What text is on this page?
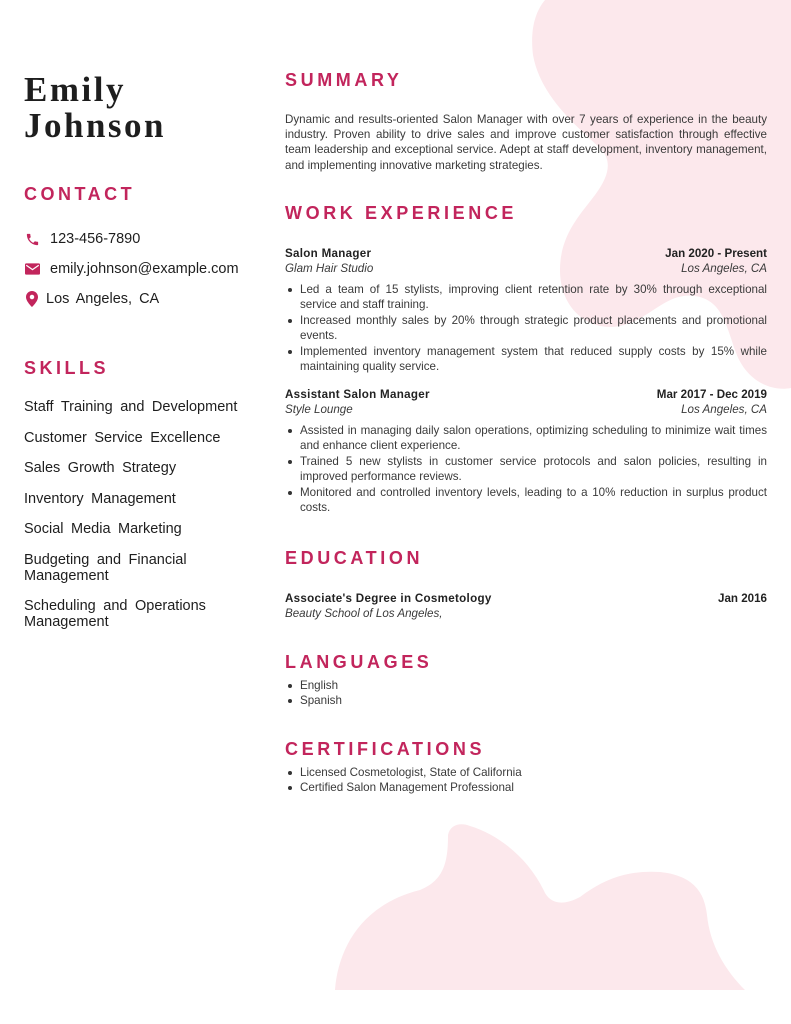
Emily
Johnson
CONTACT
123-456-7890
emily.johnson@example.com
Los Angeles, CA
SKILLS
Staff Training and Development
Customer Service Excellence
Sales Growth Strategy
Inventory Management
Social Media Marketing
Budgeting and Financial Management
Scheduling and Operations Management
SUMMARY

Dynamic and results-oriented Salon Manager with over 7 years of experience in the beauty industry. Proven ability to drive sales and improve customer satisfaction through effective team leadership and exceptional service. Adept at staff development, inventory management, and implementing innovative marketing strategies.

WORK EXPERIENCE
Salon Manager	Jan 2020 - Present
Glam Hair Studio	Los Angeles, CA
Led a team of 15 stylists, improving client retention rate by 30% through exceptional service and staff training.
Increased monthly sales by 20% through strategic product placements and promotional events.
Implemented inventory management system that reduced supply costs by 15% while maintaining quality service.
Assistant Salon Manager	Mar 2017 - Dec 2019
Style Lounge	Los Angeles, CA
Assisted in managing daily salon operations, optimizing scheduling to minimize wait times and enhance client experience.
Trained 5 new stylists in customer service protocols and salon policies, resulting in improved performance reviews.
Monitored and controlled inventory levels, leading to a 10% reduction in surplus product costs.
EDUCATION
Associate's Degree in Cosmetology	Jan 2016
Beauty School of Los Angeles,
LANGUAGES
English
Spanish
CERTIFICATIONS
Licensed Cosmetologist, State of California
Certified Salon Management Professional
